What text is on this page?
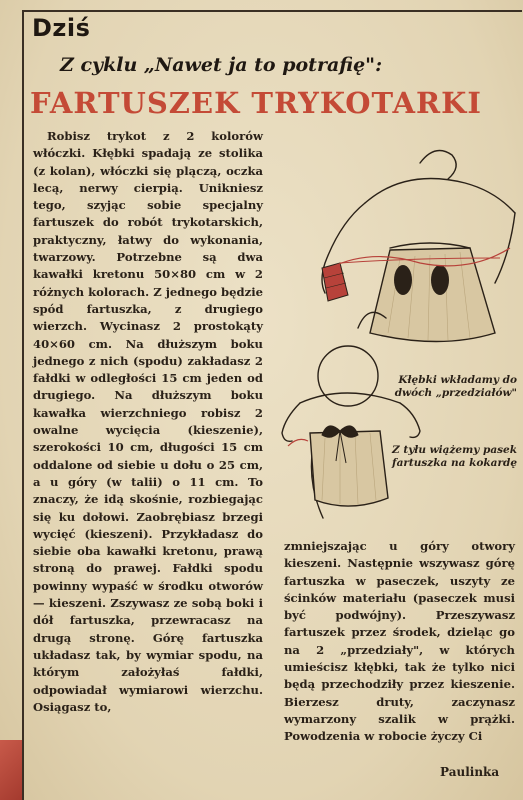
Dziś
Z cyklu „Nawet ja to potrafię":
FARTUSZEK TRYKOTARKI

Robisz trykot z 2 kolorów włóczki. Kłębki spadają ze stolika (z kolan), włóczki się plączą, oczka lecą, nerwy cierpią. Unikniesz tego, szyjąc sobie specjalny fartuszek do robót trykotarskich, praktyczny, łatwy do wykonania, twarzowy. Potrzebne są dwa kawałki kretonu 50×80 cm w 2 różnych kolorach. Z jednego będzie spód fartuszka, z drugiego wierzch. Wycinasz 2 prostokąty 40×60 cm. Na dłuższym boku jednego z nich (spodu) zakładasz 2 fałdki w odległości 15 cm jeden od drugiego. Na dłuższym boku kawałka wierzchniego robisz 2 owalne wycięcia (kieszenie), szerokości 10 cm, długości 15 cm oddalone od siebie u dołu o 25 cm, a u góry (w talii) o 11 cm. To znaczy, że idą skośnie, rozbiegając się ku dołowi. Zaobrębiasz brzegi wycięć (kieszeni). Przykładasz do siebie oba kawałki kretonu, prawą stroną do prawej. Fałdki spodu powinny wypaść w środku otworów — kieszeni. Zszywasz ze sobą boki i dół fartuszka, przewracasz na drugą stronę. Górę fartuszka układasz tak, by wymiar spodu, na którym założyłaś fałdki, odpowiadał wymiarowi wierzchu. Osiągasz to,

Kłębki wkładamy do dwóch „przedziałów"
Z tyłu wiążemy pasek fartuszka na kokardę

zmniejszając u góry otwory kieszeni. Następnie wszywasz górę fartuszka w paseczek, uszyty ze ścinków materiału (paseczek musi być podwójny). Przeszywasz fartuszek przez środek, dzieląc go na 2 „przedziały", w których umieścisz kłębki, tak że tylko nici będą przechodziły przez kieszenie. Bierzesz druty, zaczynasz wymarzony szalik w prążki. Powodzenia w robocie życzy Ci

Paulinka
